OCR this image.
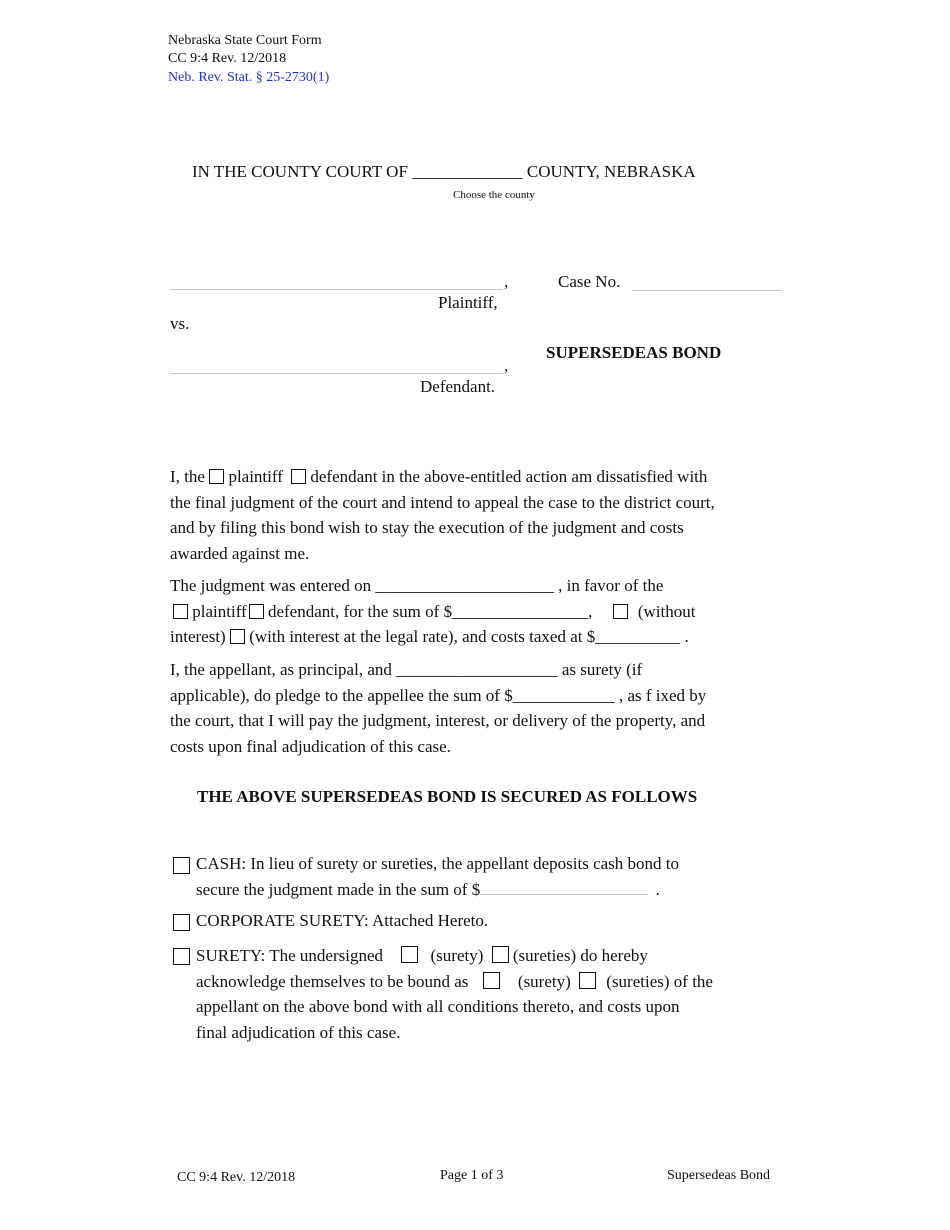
Nebraska State Court Form
CC 9:4 Rev. 12/2018
Neb. Rev. Stat. § 25-2730(1)
IN THE COUNTY COURT OF _____________ COUNTY, NEBRASKA
Choose the county
,
Plaintiff,
Case No.
vs.
,
Defendant.
SUPERSEDEAS BOND
I, the plaintiff defendant in the above-entitled action am dissatisfied with
the final judgment of the court and intend to appeal the case to the district court,
and by filing this bond wish to stay the execution of the judgment and costs
awarded against me.
The judgment was entered on _____________________ , in favor of the
plaintiff defendant, for the sum of $________________,	(without
interest) (with interest at the legal rate), and costs taxed at $__________ .
I, the appellant, as principal, and ___________________ as surety (if
applicable), do pledge to the appellee the sum of $____________ , as f ixed by
the court, that I will pay the judgment, interest, or delivery of the property, and
costs upon final adjudication of this case.
THE ABOVE SUPERSEDEAS BOND IS SECURED AS FOLLOWS
CASH: In lieu of surety or sureties, the appellant deposits cash bond to
secure the judgment made in the sum of $	.
CORPORATE SURETY: Attached Hereto.
SURETY: The undersigned	(surety) (sureties) do hereby
acknowledge themselves to be bound as	(surety) (sureties) of the
appellant on the above bond with all conditions thereto, and costs upon
final adjudication of this case.
CC 9:4 Rev. 12/2018	Page 1 of 3	Supersedeas Bond
